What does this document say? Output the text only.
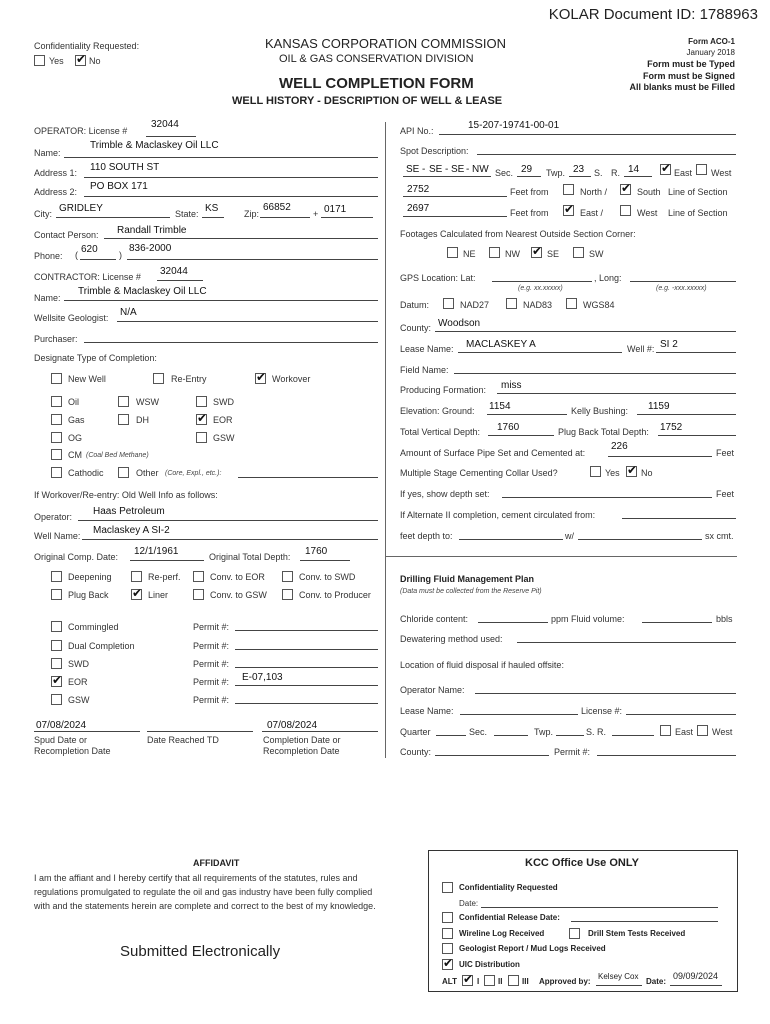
KOLAR Document ID: 1788963
Confidentiality Requested:
Yes ✔	No
KANSAS CORPORATION COMMISSION
OIL & GAS CONSERVATION DIVISION
Form ACO-1
January 2018
Form must be Typed
Form must be Signed
All blanks must be Filled
WELL COMPLETION FORM
WELL HISTORY - DESCRIPTION OF WELL & LEASE
OPERATOR: License #
32044
Name:
Trimble & Maclaskey Oil LLC
Address 1: 110 SOUTH ST
Address 2: PO BOX 171
City: GRIDLEY	State: KS	Zip:
66852
+ 0171
Contact Person: Randall Trimble
Phone: ( 620 )
836-2000
CONTRACTOR: License # 32044
Name:
Trimble & Maclaskey Oil LLC
Wellsite Geologist: N/A
Purchaser:
Designate Type of Completion:
New Well	Re-Entry ✔	Workover
Oil	WSW	SWD
Gas	DH ✔	EOR
OG	GSW
CM (Coal Bed Methane)
Cathodic	Other (Core, Expl., etc.):
If Workover/Re-entry: Old Well Info as follows:
Operator: Haas Petroleum
Well Name: Maclaskey A SI-2
Original Comp. Date: 12/1/1961	Original Total Depth: 1760
Deepening	Re-perf.	Conv. to EOR	Conv. to SWD
Plug Back ✔	Liner	Conv. to GSW	Conv. to Producer
Commingled	Permit #:
Dual Completion	Permit #:
SWD	Permit #:
✔
EOR	Permit #: E-07,103
GSW	Permit #:
07/08/2024	07/08/2024
Spud Date or
Recompletion Date
Date Reached TD	Completion Date or
Recompletion Date
API No.:	15-207-19741-00-01
Spot Description:
SE - SE - SE - NW Sec. 29 Twp. 23 S. R. 14 ✔	East West
2752	Feet from	North / ✔	South Line of Section
2697	Feet from ✔	East /	West Line of Section
Footages Calculated from Nearest Outside Section Corner:
NE	NW ✔	SE	SW
GPS Location: Lat:	, Long:
(e.g. xx.xxxxx)	(e.g. -xxx.xxxxx)
Datum:	NAD27	NAD83	WGS84
County: Woodson
Lease Name: MACLASKEY A	Well #: SI 2
Field Name:
Producing Formation: miss
Elevation: Ground: 1154	Kelly Bushing: 1159
Total Vertical Depth: 1760	Plug Back Total Depth: 1752
Amount of Surface Pipe Set and Cemented at:
226
Feet
Multiple Stage Cementing Collar Used?	Yes ✔ No
If yes, show depth set:	Feet
If Alternate II completion, cement circulated from:
feet depth to:	w/	sx cmt.
Drilling Fluid Management Plan
(Data must be collected from the Reserve Pit)
Chloride content:	ppm Fluid volume:	bbls
Dewatering method used:
Location of fluid disposal if hauled offsite:
Operator Name:
Lease Name:	License #:
Quarter	Sec.	Twp.	S. R.	East West
County:	Permit #:
AFFIDAVIT
I am the affiant and I hereby certify that all requirements of the statutes, rules and
regulations promulgated to regulate the oil and gas industry have been fully complied
with and the statements herein are complete and correct to the best of my knowledge.
Submitted Electronically
KCC Office Use ONLY
Confidentiality Requested
Date:
Confidential Release Date:
Wireline Log Received	Drill Stem Tests Received
Geologist Report / Mud Logs Received
✔
UIC Distribution
ALT ✔	I II III Approved by:
Kelsey Cox
Date:
09/09/2024
